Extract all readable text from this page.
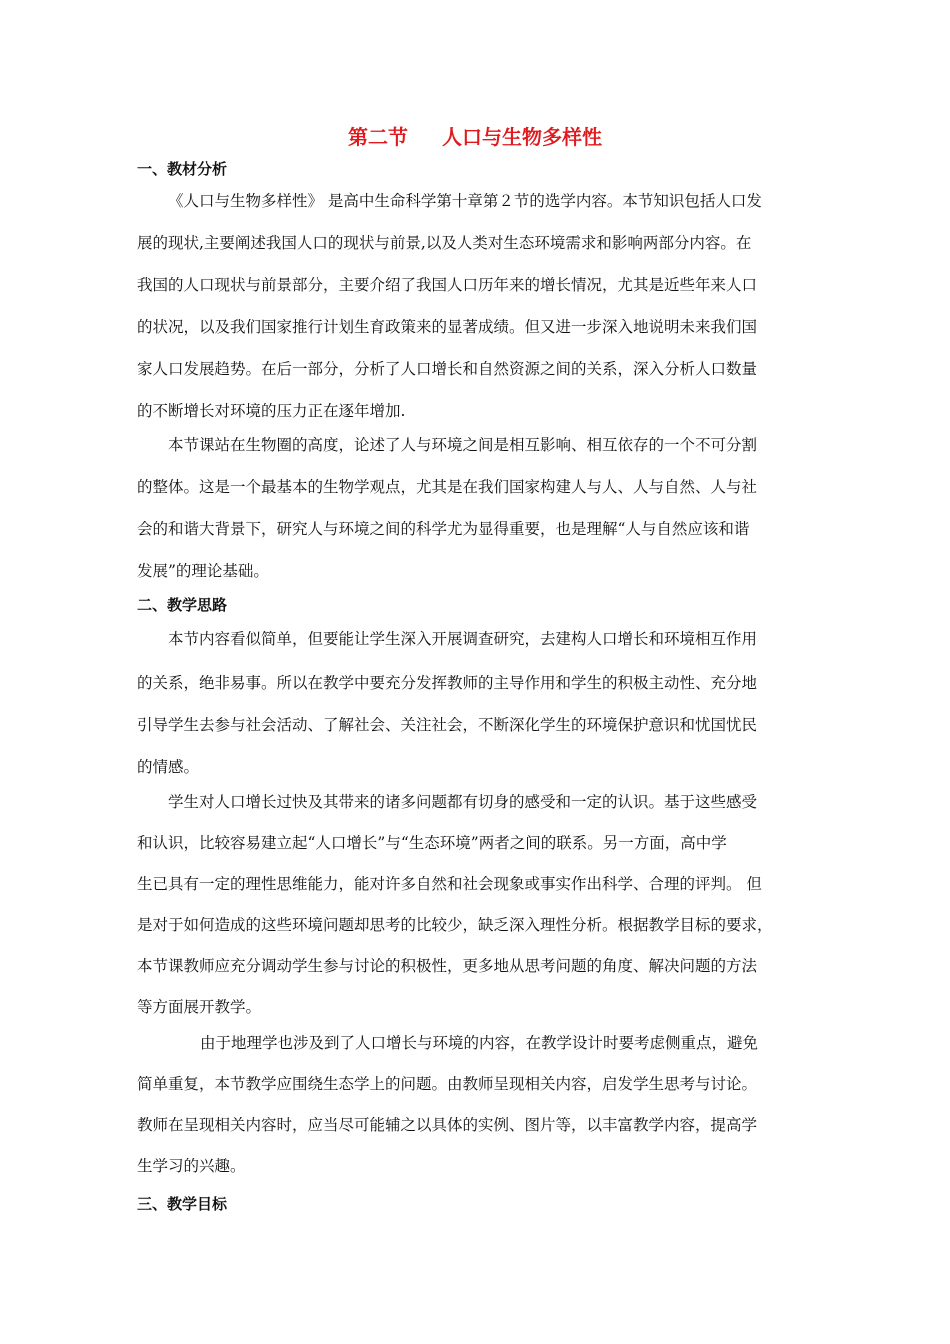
第二节　  人口与生物多样性
一、教材分析
《人口与生物多样性》 是高中生命科学第十章第２节的选学内容。本节知识包括人口发
展的现状,主要阐述我国人口的现状与前景,以及人类对生态环境需求和影响两部分内容。在
我国的人口现状与前景部分，主要介绍了我国人口历年来的增长情况，尤其是近些年来人口
的状况，以及我们国家推行计划生育政策来的显著成绩。但又进一步深入地说明未来我们国
家人口发展趋势。在后一部分，分析了人口增长和自然资源之间的关系，深入分析人口数量
的不断增长对环境的压力正在逐年增加.
本节课站在生物圈的高度，论述了人与环境之间是相互影响、相互依存的一个不可分割
的整体。这是一个最基本的生物学观点，尤其是在我们国家构建人与人、人与自然、人与社
会的和谐大背景下，研究人与环境之间的科学尤为显得重要，也是理解“人与自然应该和谐
发展”的理论基础。
二、教学思路
本节内容看似简单，但要能让学生深入开展调查研究，去建构人口增长和环境相互作用
的关系，绝非易事。所以在教学中要充分发挥教师的主导作用和学生的积极主动性、充分地
引导学生去参与社会活动、了解社会、关注社会，不断深化学生的环境保护意识和忧国忧民
的情感。
学生对人口增长过快及其带来的诸多问题都有切身的感受和一定的认识。基于这些感受
和认识，比较容易建立起“人口增长”与“生态环境”两者之间的联系。另一方面，高中学
生已具有一定的理性思维能力，能对许多自然和社会现象或事实作出科学、合理的评判。 但
是对于如何造成的这些环境问题却思考的比较少，缺乏深入理性分析。根据教学目标的要求，
本节课教师应充分调动学生参与讨论的积极性，更多地从思考问题的角度、解决问题的方法
等方面展开教学。
由于地理学也涉及到了人口增长与环境的内容，在教学设计时要考虑侧重点，避免
简单重复，本节教学应围绕生态学上的问题。由教师呈现相关内容，启发学生思考与讨论。
教师在呈现相关内容时，应当尽可能辅之以具体的实例、图片等，以丰富教学内容，提高学
生学习的兴趣。
三、教学目标
